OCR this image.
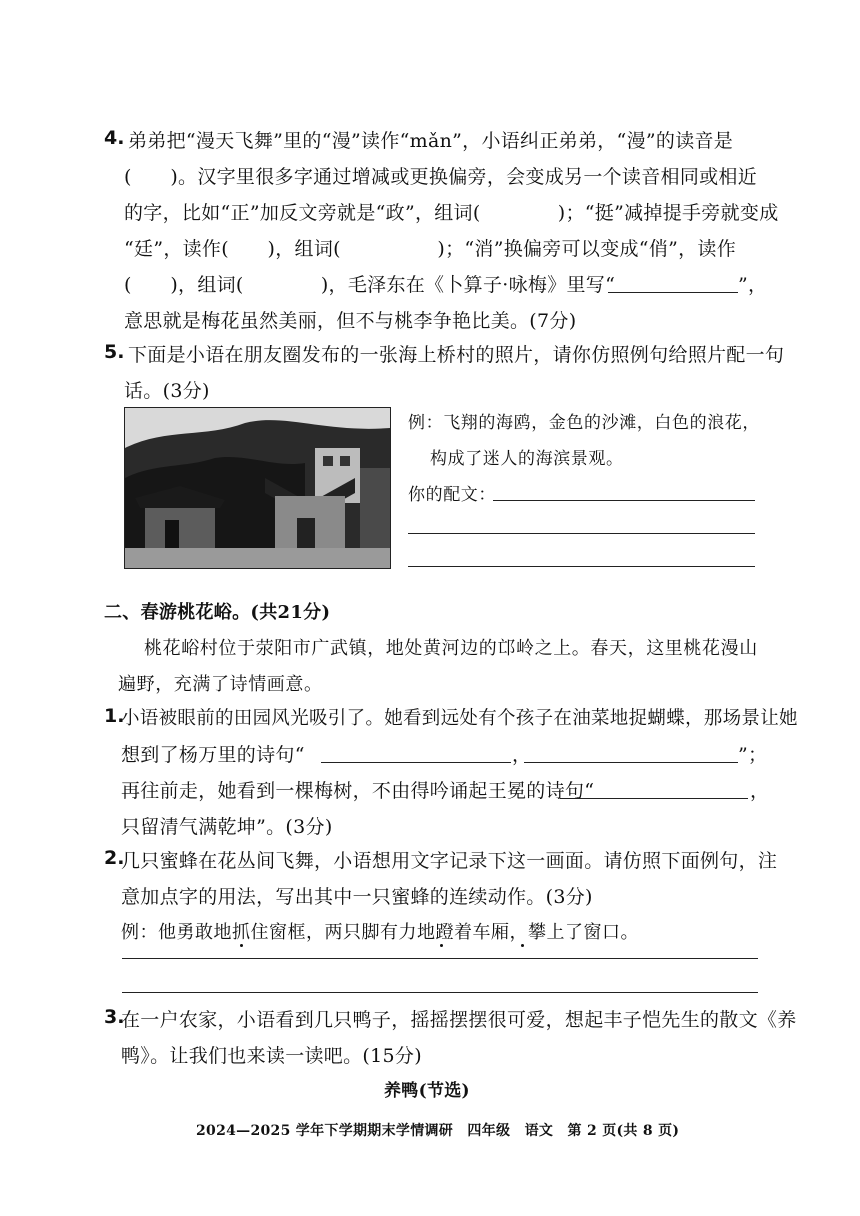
4. 弟弟把“漫天飞舞”里的“漫”读作“mǎn”，小语纠正弟弟，“漫”的读音是
(　　)。汉字里很多字通过增减或更换偏旁，会变成另一个读音相同或相近
的字，比如“正”加反文旁就是“政”，组词(　　　　)；“挺”减掉提手旁就变成
“廷”，读作(　　)，组词(　　　　　)；“消”换偏旁可以变成“俏”，读作
(　　)，组词(　　　　)，毛泽东在《卜算子·咏梅》里写“	”，
意思就是梅花虽然美丽，但不与桃李争艳比美。(7分)
5. 下面是小语在朋友圈发布的一张海上桥村的照片，请你仿照例句给照片配一句
话。(3分)
例：飞翔的海鸥，金色的沙滩，白色的浪花，
构成了迷人的海滨景观。
你的配文：
二、春游桃花峪。(共21分)
桃花峪村位于荥阳市广武镇，地处黄河边的邙岭之上。春天，这里桃花漫山
遍野，充满了诗情画意。
1.
小语被眼前的田园风光吸引了。她看到远处有个孩子在油菜地捉蝴蝶，那场景让她
想到了杨万里的诗句“	，	”；
再往前走，她看到一棵梅树，不由得吟诵起王冕的诗句“	，
只留清气满乾坤”。(3分)
2.
几只蜜蜂在花丛间飞舞，小语想用文字记录下这一画面。请仿照下面例句，注
意加点字的用法，写出其中一只蜜蜂的连续动作。(3分)
例：他勇敢地抓住窗框，两只脚有力地蹬着车厢，攀上了窗口。
3.
在一户农家，小语看到几只鸭子，摇摇摆摆很可爱，想起丰子恺先生的散文《养
鸭》。让我们也来读一读吧。(15分)
养鸭(节选)
2024—2025 学年下学期期末学情调研　四年级　语文　第 2 页(共 8 页)
